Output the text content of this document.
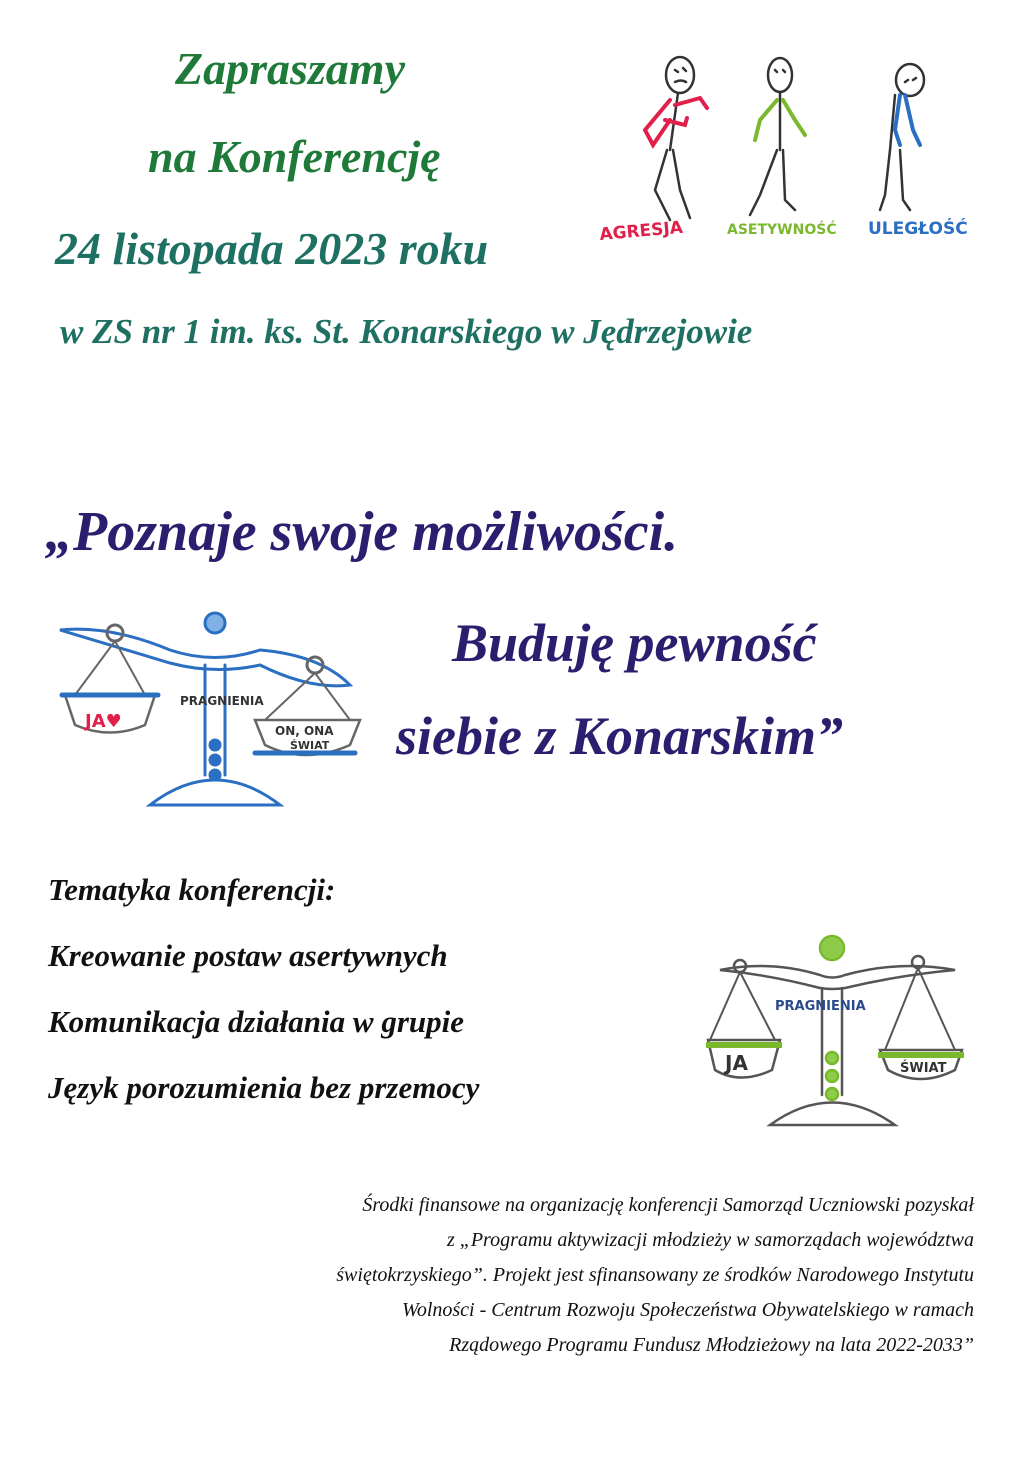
Zapraszamy
na Konferencję
24 listopada 2023 roku
w ZS nr 1 im. ks. St. Konarskiego w Jędrzejowie
AGRESJA	ASETYWNOŚĆ ULEGŁOŚĆ
„Poznaje swoje możliwości.
Buduję pewność
siebie z Konarskim”
PRAGNIENIA
JA♥	ON, ONA
ŚWIAT
Tematyka konferencji:
Kreowanie postaw asertywnych
Komunikacja działania w grupie
Język porozumienia bez przemocy
PRAGNIENIA
JA	ŚWIAT
Środki finansowe na organizację konferencji Samorząd Uczniowski pozyskał
z „Programu aktywizacji młodzieży w samorządach województwa
świętokrzyskiego”. Projekt jest sfinansowany ze środków Narodowego Instytutu
Wolności - Centrum Rozwoju Społeczeństwa Obywatelskiego w ramach
Rządowego Programu Fundusz Młodzieżowy na lata 2022-2033”
